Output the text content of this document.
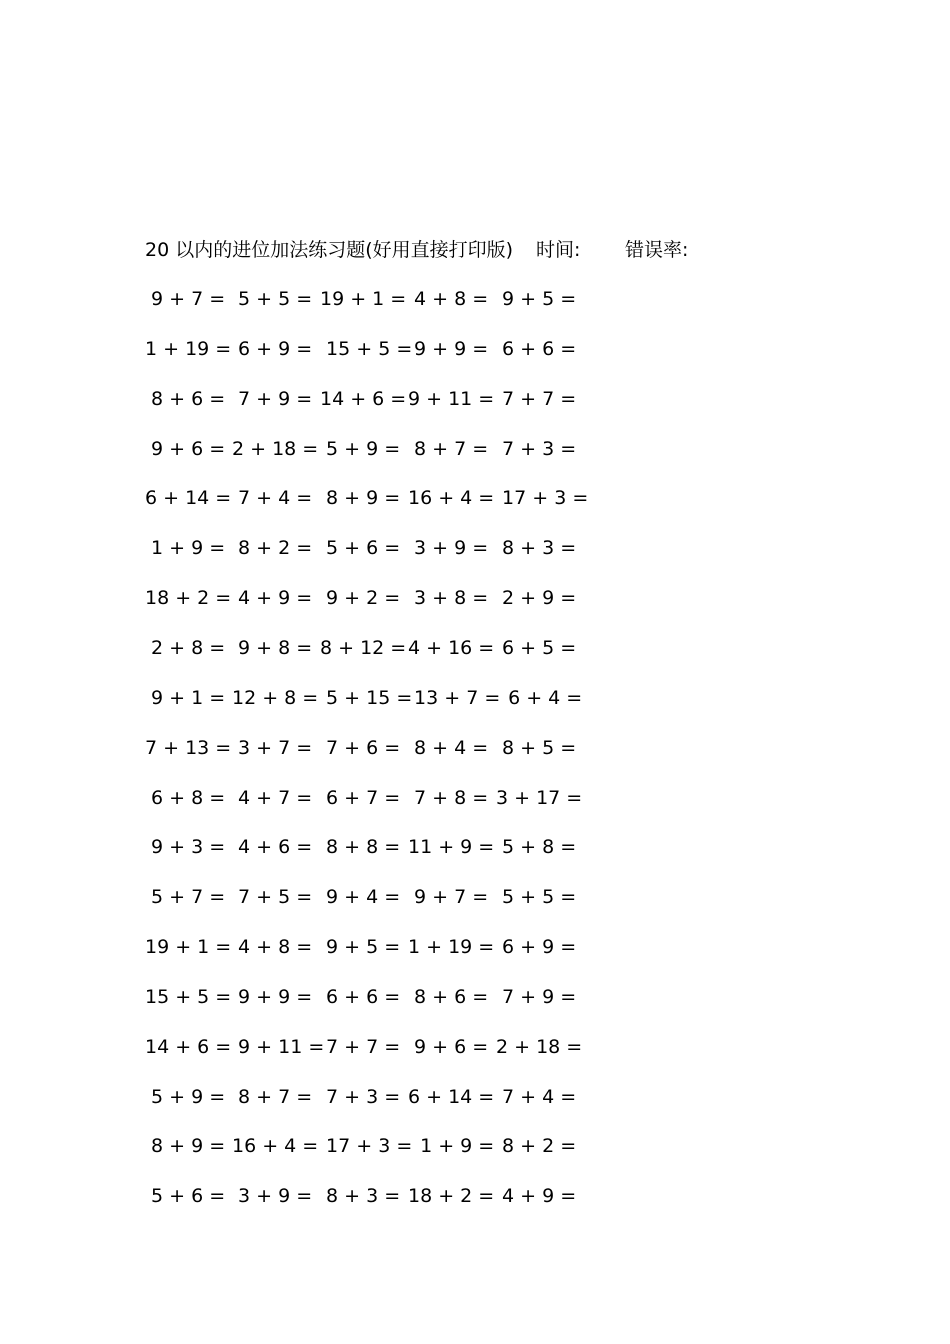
20 以内的进位加法练习题(好用直接打印版) 时间: 错误率:
9 + 7 = 5 + 5 = 19 + 1 = 4 + 8 = 9 + 5 =
1 + 19 = 6 + 9 = 15 + 5 =
9 + 9 = 6 + 6 =
8 + 6 = 7 + 9 = 14 + 6 = 9 + 11 = 7 + 7 =
9 + 6 = 2 + 18 = 5 + 9 = 8 + 7 = 7 + 3 =
6 + 14 = 7 + 4 = 8 + 9 = 16 + 4 = 17 + 3 =
1 + 9 = 8 + 2 = 5 + 6 = 3 + 9 = 8 + 3 =
18 + 2 = 4 + 9 = 9 + 2 = 3 + 8 = 2 + 9 =
2 + 8 = 9 + 8 = 8 + 12 = 4 + 16 = 6 + 5 =
9 + 1 = 12 + 8 = 5 + 15 =
13 + 7 =
6 + 4 =
7 + 13 = 3 + 7 = 7 + 6 = 8 + 4 = 8 + 5 =
6 + 8 = 4 + 7 = 6 + 7 = 7 + 8 = 3 + 17 =
9 + 3 = 4 + 6 = 8 + 8 = 11 + 9 = 5 + 8 =
5 + 7 = 7 + 5 = 9 + 4 = 9 + 7 = 5 + 5 =
19 + 1 = 4 + 8 = 9 + 5 = 1 + 19 = 6 + 9 =
15 + 5 = 9 + 9 = 6 + 6 = 8 + 6 = 7 + 9 =
14 + 6 = 9 + 11 =
7 + 7 = 9 + 6 = 2 + 18 =
5 + 9 = 8 + 7 = 7 + 3 = 6 + 14 = 7 + 4 =
8 + 9 = 16 + 4 = 17 + 3 =
1 + 9 = 8 + 2 =
5 + 6 = 3 + 9 = 8 + 3 = 18 + 2 = 4 + 9 =
